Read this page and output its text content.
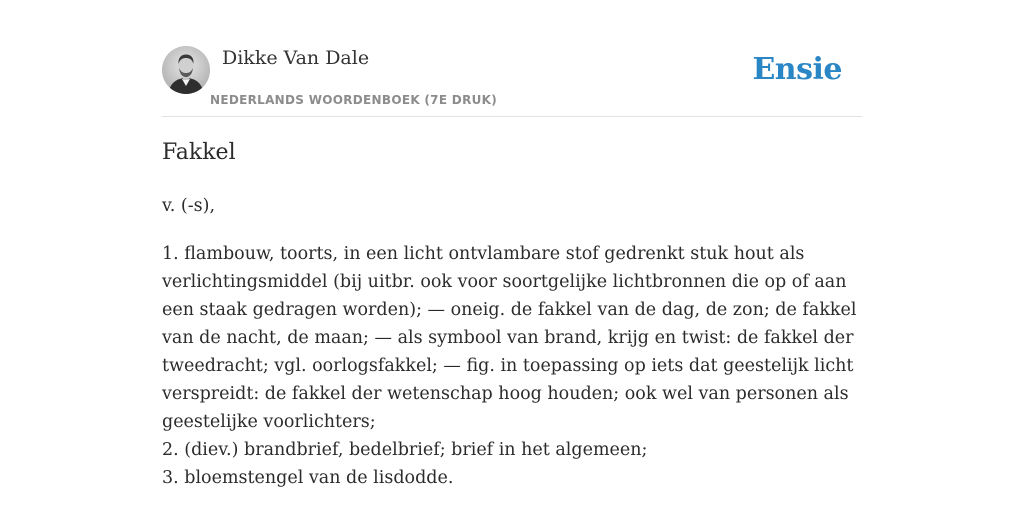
Dikke Van Dale
NEDERLANDS WOORDENBOEK (7E DRUK)
Ensie
Fakkel
v. (-s),
1. flambouw, toorts, in een licht ontvlambare stof gedrenkt stuk hout als verlichtingsmiddel (bij uitbr. ook voor soortgelijke lichtbronnen die op of aan een staak gedragen worden); — oneig. de fakkel van de dag, de zon; de fakkel van de nacht, de maan; — als symbool van brand, krijg en twist: de fakkel der tweedracht; vgl. oorlogsfakkel; — fig. in toepassing op iets dat geestelijk licht verspreidt: de fakkel der wetenschap hoog houden; ook wel van personen als geestelijke voorlichters;
2. (diev.) brandbrief, bedelbrief; brief in het algemeen;
3. bloemstengel van de lisdodde.
